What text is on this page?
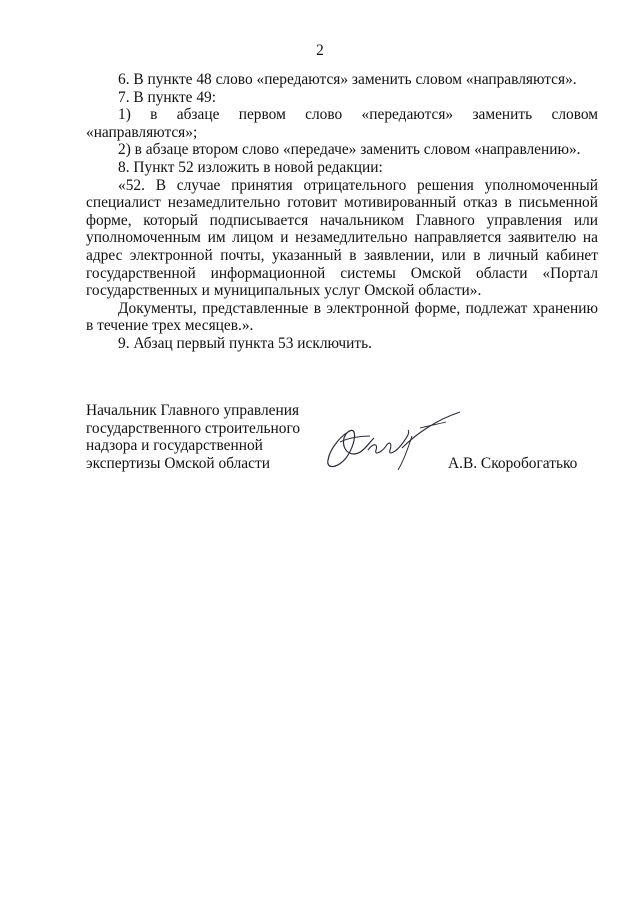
2

6. В пункте 48 слово «передаются» заменить словом «направляются».

7. В пункте 49:

1) в абзаце первом слово «передаются» заменить словом «направляются»;

2) в абзаце втором слово «передаче» заменить словом «направлению».

8. Пункт 52 изложить в новой редакции:

«52. В случае принятия отрицательного решения уполномоченный специалист незамедлительно готовит мотивированный отказ в письменной форме, который подписывается начальником Главного управления или уполномоченным им лицом и незамедлительно направляется заявителю на адрес электронной почты, указанный в заявлении, или в личный кабинет государственной информационной системы Омской области «Портал государственных и муниципальных услуг Омской области».

Документы, представленные в электронной форме, подлежат хранению в течение трех месяцев.».

9. Абзац первый пункта 53 исключить.

Начальник Главного управления
государственного строительного
надзора и государственной
экспертизы Омской области	А.В. Скоробогатько
